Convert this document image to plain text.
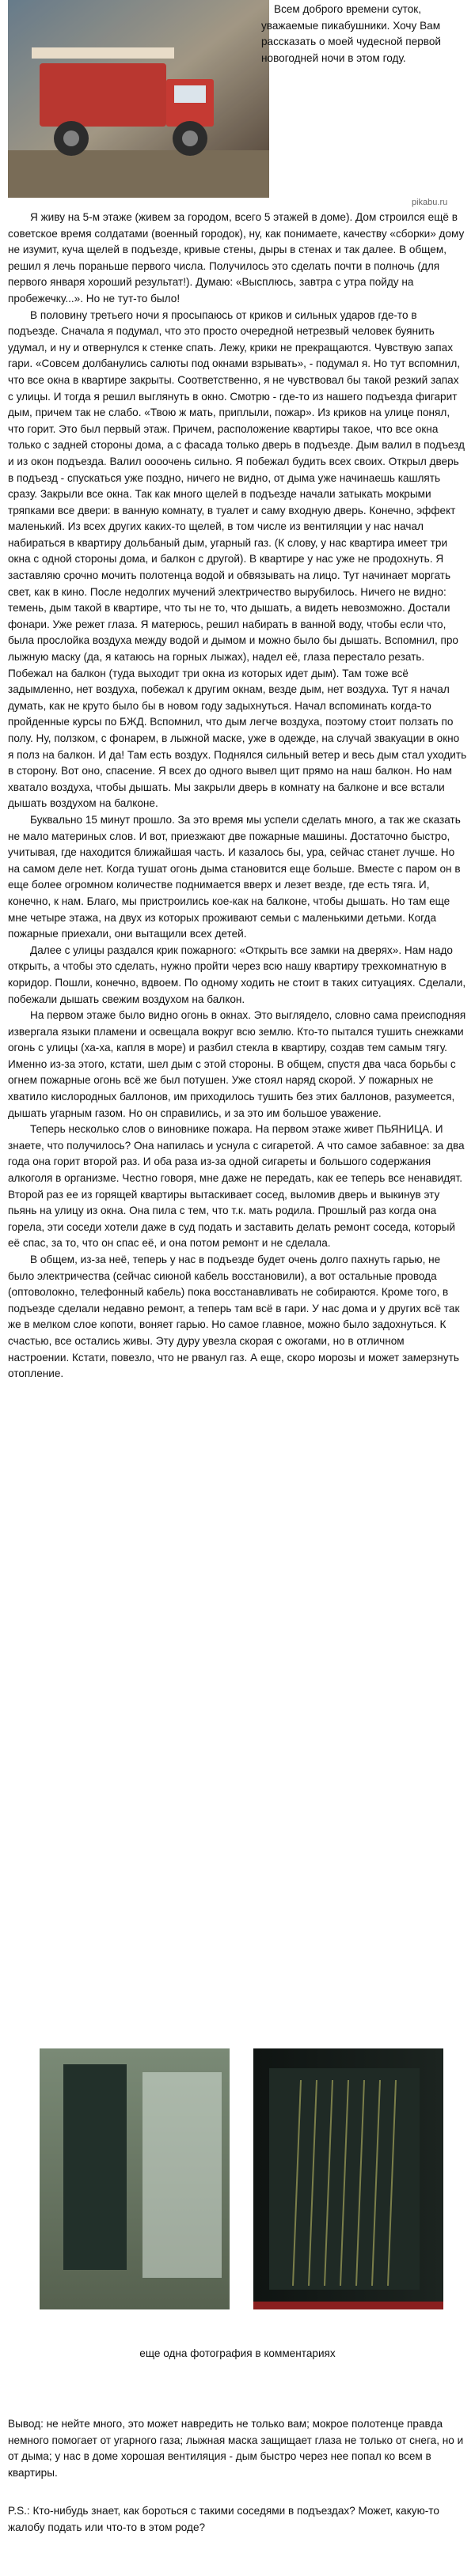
Всем доброго времени суток, уважаемые пикабушники. Хочу Вам рассказать о моей чудесной первой новогодней ночи в этом году.

Я живу на 5-м этаже (живем за городом, всего 5 этажей в доме). Дом строился ещё в советское время солдатами (военный городок), ну, как понимаете, качеству «сборки» дому не изумит, куча щелей в подъезде, кривые стены, дыры в стенах и так далее. В общем, решил я лечь пораньше первого числа. Получилось это сделать почти в полночь (для первого января хороший результат!). Думаю: «Высплюсь, завтра с утра пойду на пробежечку...». Но не тут-то было!

В половину третьего ночи я просыпаюсь от криков и сильных ударов где-то в подъезде. Сначала я подумал, что это просто очередной нетрезвый человек буянить удумал, и ну и отвернулся к стенке спать. Лежу, крики не прекращаются. Чувствую запах гари. «Совсем долбанулись салюты под окнами взрывать», - подумал я. Но тут вспомнил, что все окна в квартире закрыты. Соответственно, я не чувствовал бы такой резкий запах с улицы. И тогда я решил выглянуть в окно. Смотрю - где-то из нашего подъезда фигарит дым, причем так не слабо. «Твою ж мать, приплыли, пожар». Из криков на улице понял, что горит. Это был первый этаж. Причем, расположение квартиры такое, что все окна только с задней стороны дома, а с фасада только дверь в подъезде. Дым валил в подъезд и из окон подъезда. Валил оооочень сильно. Я побежал будить всех своих. Открыл дверь в подъезд - спускаться уже поздно, ничего не видно, от дыма уже начинаешь кашлять сразу. Закрыли все окна. Так как много щелей в подъезде начали затыкать мокрыми тряпками все двери: в ванную комнату, в туалет и саму входную дверь. Конечно, эффект маленький. Из всех других каких-то щелей, в том числе из вентиляции у нас начал набираться в квартиру дольбаный дым, угарный газ. (К слову, у нас квартира имеет три окна с одной стороны дома, и балкон с другой). В квартире у нас уже не продохнуть. Я заставляю срочно мочить полотенца водой и обвязывать на лицо. Тут начинает моргать свет, как в кино. После недолгих мучений электричество вырубилось. Ничего не видно: темень, дым такой в квартире, что ты не то, что дышать, а видеть невозможно. Достали фонари. Уже режет глаза. Я матерюсь, решил набирать в ванной воду, чтобы если что, была прослойка воздуха между водой и дымом и можно было бы дышать. Вспомнил, про лыжную маску (да, я катаюсь на горных лыжах), надел её, глаза перестало резать. Побежал на балкон (туда выходит три окна из которых идет дым). Там тоже всё задымленно, нет воздуха, побежал к другим окнам, везде дым, нет воздуха. Тут я начал думать, как не круто было бы в новом году задыхнуться. Начал вспоминать когда-то пройденные курсы по БЖД. Вспомнил, что дым легче воздуха, поэтому стоит ползать по полу. Ну, ползком, с фонарем, в лыжной маске, уже в одежде, на случай звакуации в окно я полз на балкон. И да! Там есть воздух. Поднялся сильный ветер и весь дым стал уходить в сторону. Вот оно, спасение. Я всех до одного вывел щит прямо на наш балкон. Но нам хватало воздуха, чтобы дышать. Мы закрыли дверь в комнату на балконе и все встали дышать воздухом на балконе.

Буквально 15 минут прошло. За это время мы успели сделать много, а так же сказать не мало материных слов. И вот, приезжают две пожарные машины. Достаточно быстро, учитывая, где находится ближайшая часть. И казалось бы, ура, сейчас станет лучше. Но на самом деле нет. Когда тушат огонь дыма становится еще больше. Вместе с паром он в еще более огромном количестве поднимается вверх и лезет везде, где есть тяга. И, конечно, к нам. Благо, мы пристроились кое-как на балконе, чтобы дышать. Но там еще мне четыре этажа, на двух из которых проживают семьи с маленькими детьми. Когда пожарные приехали, они вытащили всех детей.

Далее с улицы раздался крик пожарного: «Открыть все замки на дверях». Нам надо открыть, а чтобы это сделать, нужно пройти через всю нашу квартиру трехкомнатную в коридор. Пошли, конечно, вдвоем. По одному ходить не стоит в таких ситуациях. Сделали, побежали дышать свежим воздухом на балкон.

На первом этаже было видно огонь в окнах. Это выглядело, словно сама преисподняя извергала языки пламени и освещала вокруг всю землю. Кто-то пытался тушить снежками огонь с улицы (ха-ха, капля в море) и разбил стекла в квартиру, создав тем самым тягу. Именно из-за этого, кстати, шел дым с этой стороны. В общем, спустя два часа борьбы с огнем пожарные огонь всё же был потушен. Уже стоял наряд скорой. У пожарных не хватило кислородных баллонов, им приходилось тушить без этих баллонов, разумеется, дышать угарным газом. Но он справились, и за это им большое уважение.

Теперь несколько слов о виновнике пожара. На первом этаже живет ПЬЯНИЦА. И знаете, что получилось? Она напилась и уснула с сигаретой. А что самое забавное: за два года она горит второй раз. И оба раза из-за одной сигареты и большого содержания алкоголя в организме. Честно говоря, мне даже не передать, как ее теперь все ненавидят. Второй раз ее из горящей квартиры вытаскивает сосед, выломив дверь и выкинув эту пьянь на улицу из окна. Она пила с тем, что т.к. мать родила. Прошлый раз когда она горела, эти соседи хотели даже в суд подать и заставить делать ремонт соседа, который её спас, за то, что он спас её, и она потом ремонт и не сделала.

В общем, из-за неё, теперь у нас в подъезде будет очень долго пахнуть гарью, не было электричества (сейчас сиюной кабель восстановили), а вот остальные провода (оптоволокно, телефонный кабель) пока восстанавливать не собираются. Кроме того, в подъезде сделали недавно ремонт, а теперь там всё в гари. У нас дома и у других всё так же в мелком слое копоти, воняет гарью. Но самое главное, можно было задохнуться. К счастью, все остались живы. Эту дуру увезла скорая с ожогами, но в отличном настроении. Кстати, повезло, что не рванул газ. А еще, скоро морозы и может замерзнуть отопление.

еще одна фотография в комментариях

Вывод: не нейте много, это может навредить не только вам; мокрое полотенце правда немного помогает от угарного газа; лыжная маска защищает глаза не только от снега, но и от дыма; у нас в доме хорошая вентиляция - дым быстро через нее попал ко всем в квартиры.

P.S.: Кто-нибудь знает, как бороться с такими соседями в подъездах? Может, какую-то жалобу подать или что-то в этом роде?

pikabu.ru
